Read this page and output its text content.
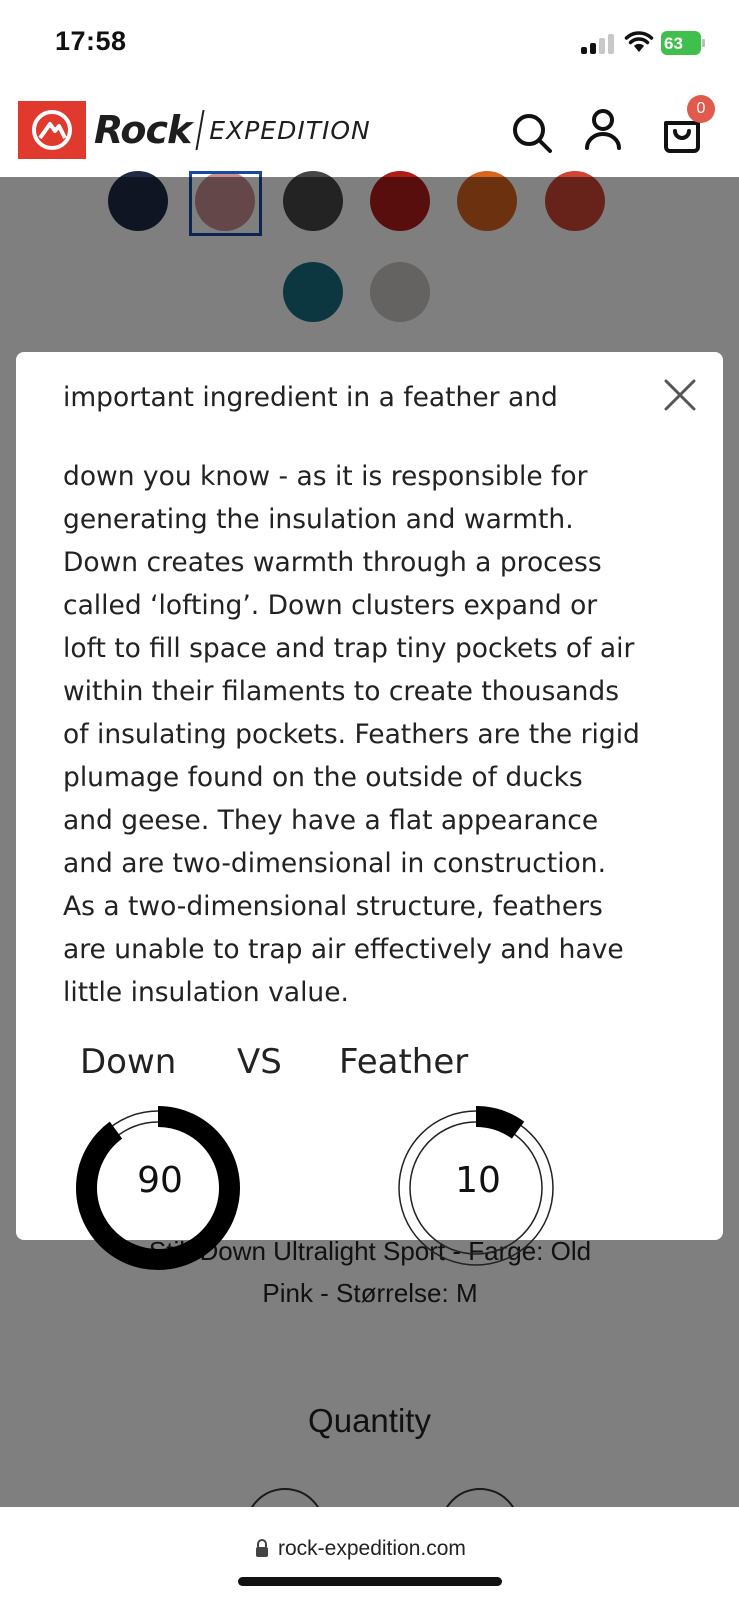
17:58	63
Rock EXPEDITION
0
important ingredient in a feather and
down you know - as it is responsible for
generating the insulation and warmth.
Down creates warmth through a process
called ‘lofting’. Down clusters expand or
loft to fill space and trap tiny pockets of air
within their filaments to create thousands
of insulating pockets. Feathers are the rigid
plumage found on the outside of ducks
and geese. They have a flat appearance
and are two-dimensional in construction.
As a two-dimensional structure, feathers
are unable to trap air effectively and have
little insulation value.
Down VS Feather
90	10
rock-expedition.com
